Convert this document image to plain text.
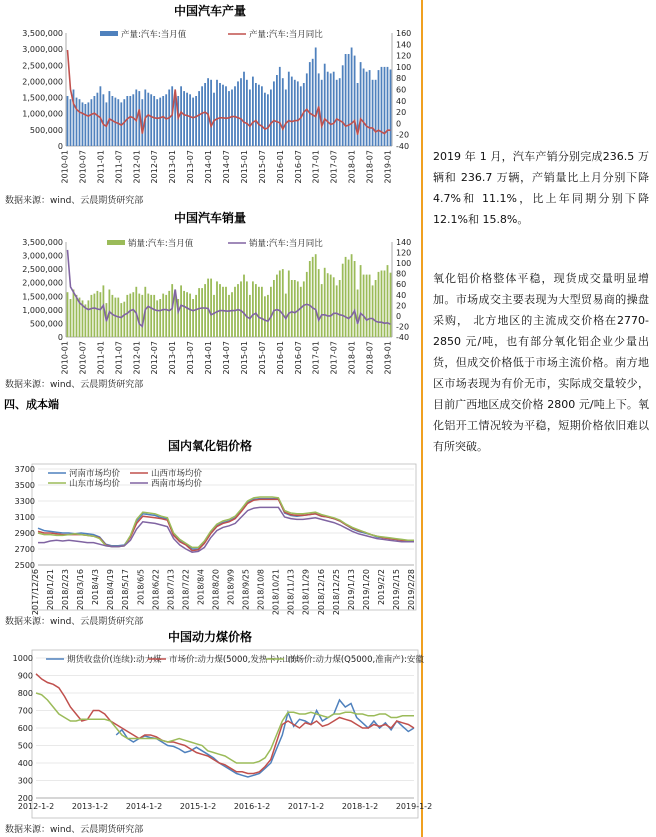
中国汽车产量
产量:汽车:当月值	产量:汽车:当月同比
0
500,000
1,000,000
1,500,000
2,000,000
2,500,000
3,000,000
3,500,000
-40
-20
0
20
40
60
80
100
120
140
160
2010-01 2010-07 2011-01 2011-07 2012-01 2012-07 2013-01 2013-07 2014-01 2014-07 2015-01 2015-07 2016-01 2016-07 2017-01 2017-07 2018-01 2018-07 2019-01
数据来源：wind、云晨期货研究部
中国汽车销量
销量:汽车:当月值	销量:汽车:当月同比
0
500,000
1,000,000
1,500,000
2,000,000
2,500,000
3,000,000
3,500,000
-40
-20
0
20
40
60
80
100
120
140
2010-01 2010-07 2011-01 2011-07 2012-01 2012-07 2013-01 2013-07 2014-01 2014-07 2015-01 2015-07 2016-01 2016-07 2017-01 2017-07 2018-01 2018-07 2019-01
数据来源：wind、云晨期货研究部
四、成本端
国内氧化铝价格
2500
2700
2900
3100
3300
3500
3700	河南市场均价	山西市场均价
山东市场均价	西南市场均价
2017/12/26 2018/1/21 2018/2/23 2018/3/16 2018/4/3 2018/4/19 2018/5/17 2018/6/5 2018/6/22 2018/7/13 2018/7/22 2018/8/4 2018/8/20 2018/9/9 2018/9/25 2018/10/8 2018/10/21 2018/11/13 2018/11/29 2018/12/16 2018/12/25 2019/1/13 2019/1/20 2019/2/2 2019/2/15 2019/2/28
数据来源：wind、云晨期货研究部
中国动力煤价格
200
300
400
500
600
700
800
900
1000	期货收盘价(连续):动力煤 市场价:动力煤(5000,发热卡):山东
市场价:动力煤(Q5000,准南产):安徽
2012-1-2 2013-1-2 2014-1-2 2015-1-2 2016-1-2 2017-1-2 2018-1-2 2019-1-2
数据来源：wind、云晨期货研究部

2019 年 1 月，汽车产销分别完成236.5 万辆和 236.7 万辆，产销量比上月分别下降 4.7%和 11.1%，比上年同期分别下降 12.1%和 15.8%。

氧化铝价格整体平稳，现货成交量明显增加。市场成交主要表现为大型贸易商的操盘采购， 北方地区的主流成交价格在2770-2850 元/吨，也有部分氧化铝企业少量出货，但成交价格低于市场主流价格。南方地区市场表现为有价无市，实际成交量较少，目前广西地区成交价格 2800 元/吨上下。氧化铝开工情况较为平稳，短期价格依旧难以有所突破。
